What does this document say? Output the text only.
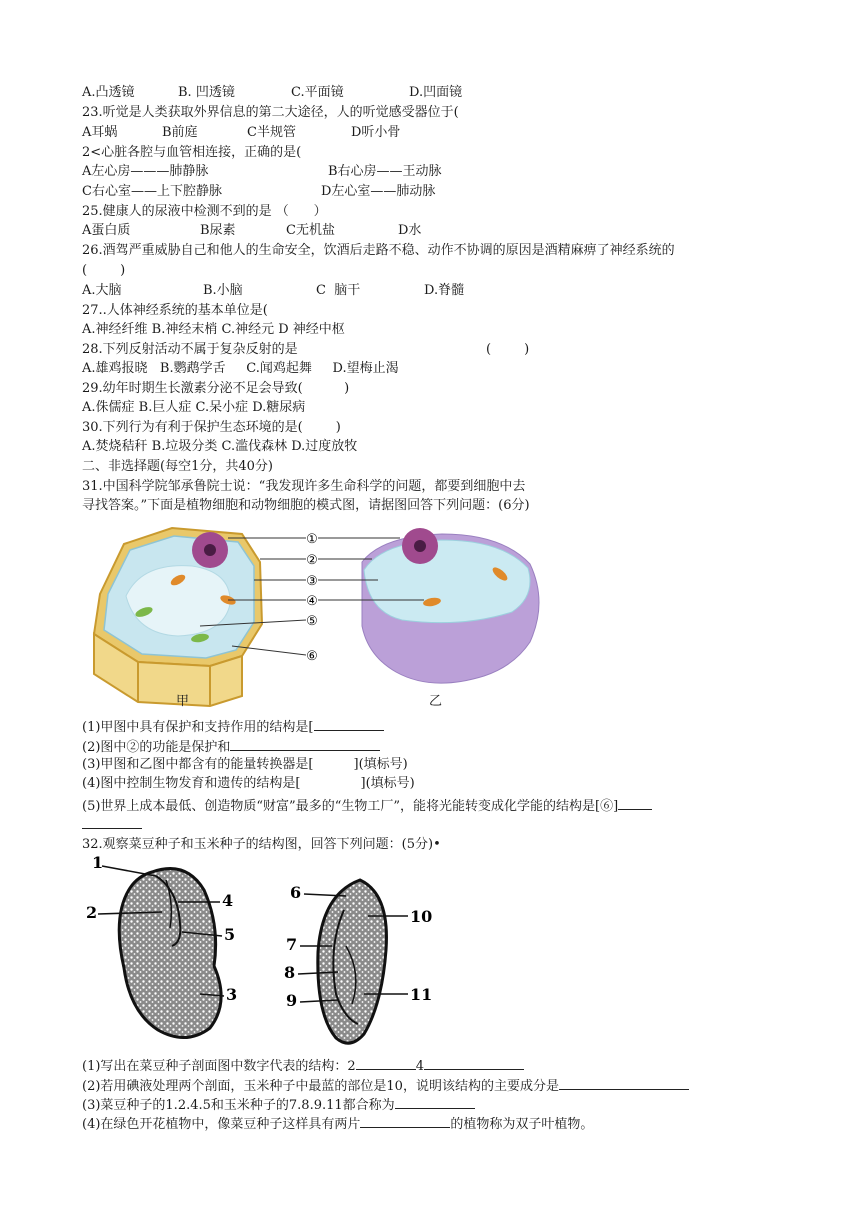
A.凸透镜	B. 凹透镜	C.平面镜	D.凹面镜
23.听觉是人类获取外界信息的第二大途径，人的听觉感受器位于(
A耳蜗	B前庭	C半规管	D听小骨
2<心脏各腔与血管相连接，正确的是(
A左心房———肺静脉	B右心房——王动脉
C右心室——上下腔静脉	D左心室——肺动脉
25.健康人的尿液中检测不到的是 （      ）
A蛋白质	B尿素	C无机盐	D水
26.酒驾严重威胁自己和他人的生命安全，饮酒后走路不稳、动作不协调的原因是酒精麻痹了神经系统的
(        )
A.大脑	B.小脑	C  脑干	D.脊髓
27..人体神经系统的基本单位是(
A.神经纤维 B.神经末梢 C.神经元 D 神经中枢
28.下列反射活动不属于复杂反射的是	(        )
A.雄鸡报晓   B.鹦鹉学舌     C.闻鸡起舞     D.望梅止渴
29.幼年时期生长激素分泌不足会导致(          )
A.侏儒症 B.巨人症 C.呆小症 D.糖尿病
30.下列行为有利于保护生态环境的是(        )
A.焚烧秸秆 B.垃圾分类 C.滥伐森林 D.过度放牧
二、非选择题(每空1分，共40分)
31.中国科学院邹承鲁院士说：“我发现许多生命科学的问题，都要到细胞中去
寻找答案。”下面是植物细胞和动物细胞的模式图，请据图回答下列问题：(6分)
①
②
③
④
⑤
⑥
甲	乙
(1)甲图中具有保护和支持作用的结构是[
(2)图中②的功能是保护和
(3)甲图和乙图中都含有的能量转换器是[	](填标号)
(4)图中控制生物发育和遗传的结构是[	](填标号)
(5)世界上成本最低、创造物质“财富”最多的“生物工厂”，能将光能转变成化学能的结构是[⑥]
32.观察菜豆种子和玉米种子的结构图，回答下列问题：(5分)•
1
2
4
5
3
6
10
7
8
9	11
(1)写出在菜豆种子剖面图中数字代表的结构：2	4
(2)若用碘液处理两个剖面，玉米种子中最蓝的部位是10，说明该结构的主要成分是
(3)菜豆种子的1.2.4.5和玉米种子的7.8.9.11都合称为
(4)在绿色开花植物中，像菜豆种子这样具有两片	的植物称为双子叶植物。
